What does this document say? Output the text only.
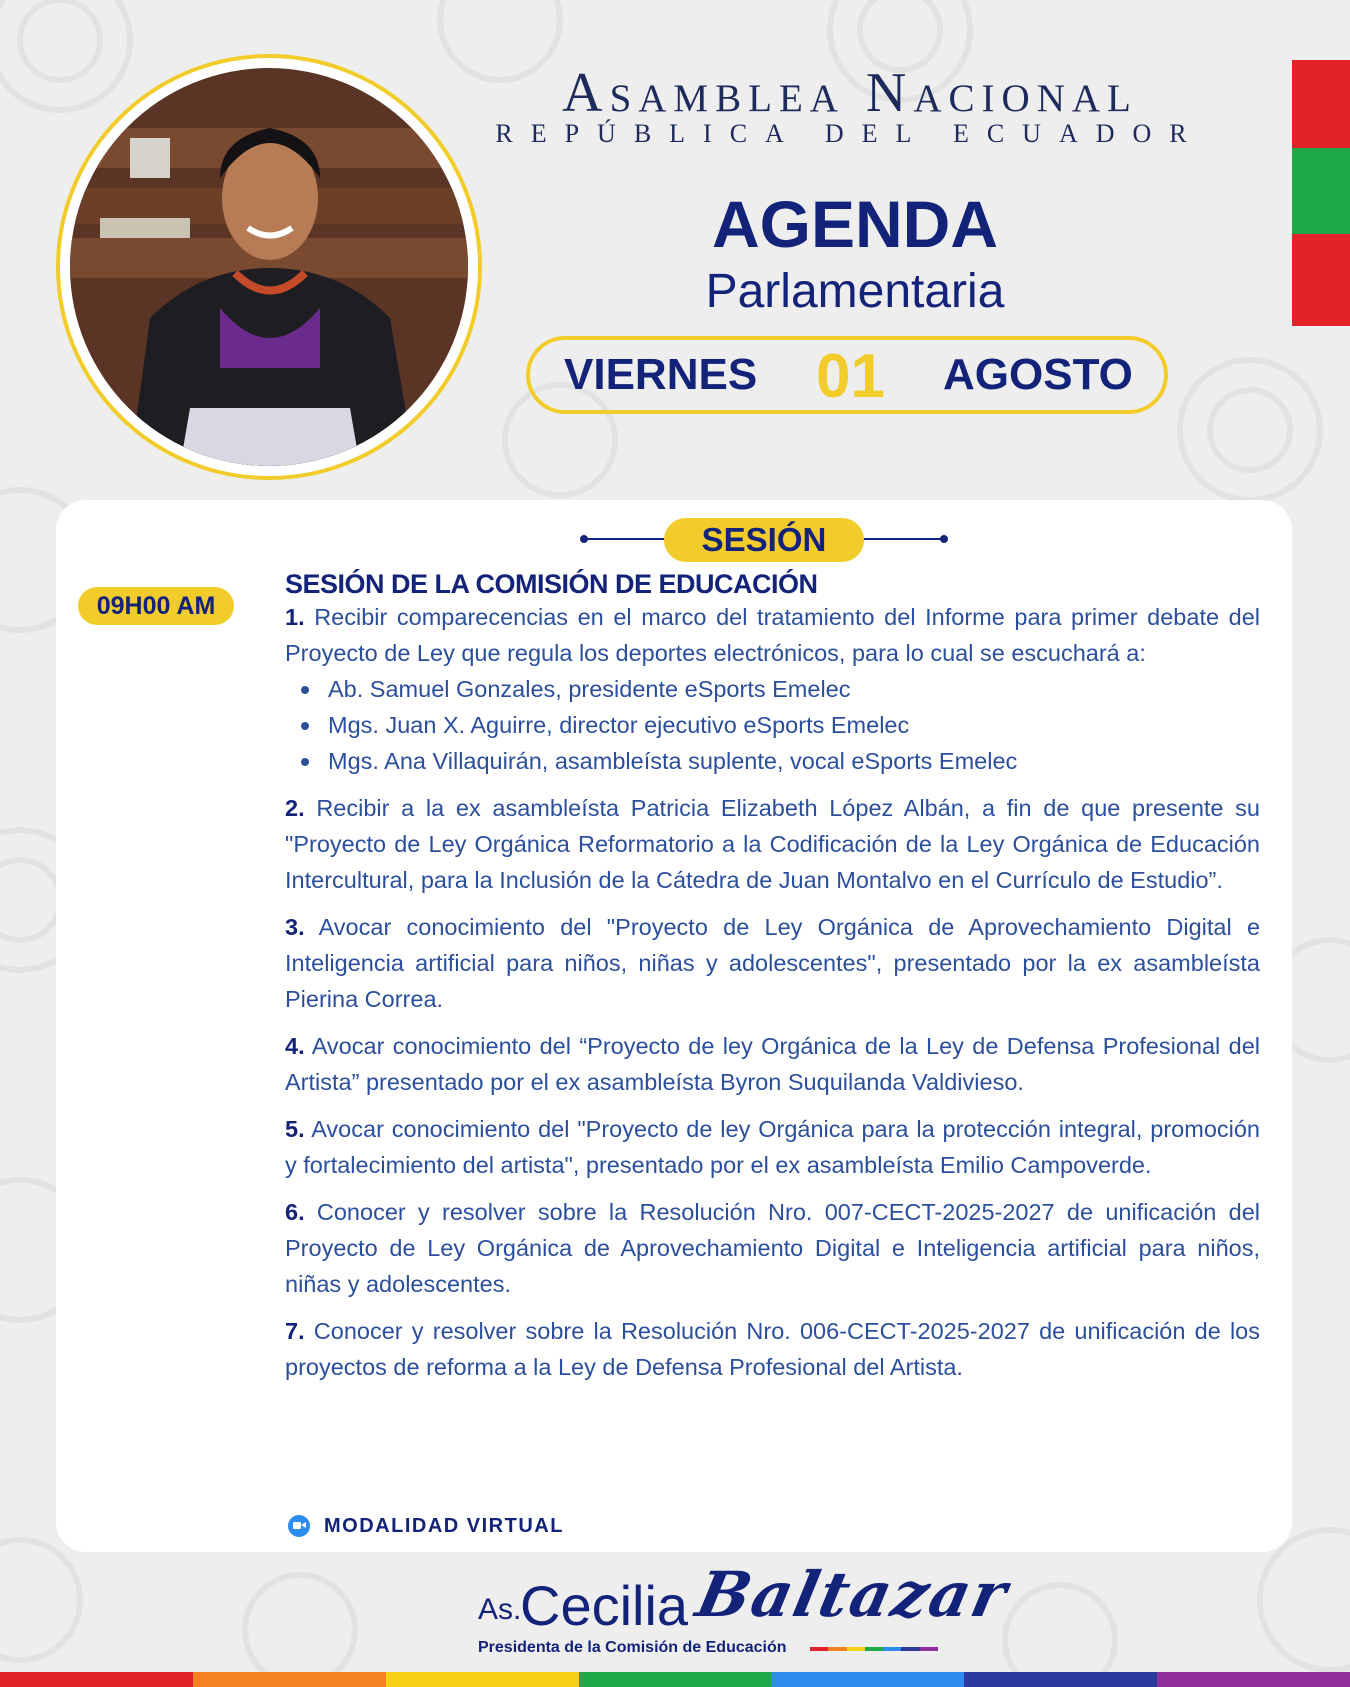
Asamblea Nacional
REPÚBLICA DEL ECUADOR
AGENDA
Parlamentaria
VIERNES 01 AGOSTO
SESIÓN
09H00 AM
SESIÓN DE LA COMISIÓN DE EDUCACIÓN
1. Recibir comparecencias en el marco del tratamiento del Informe para primer debate del Proyecto de Ley que regula los deportes electrónicos, para lo cual se escuchará a:
Ab. Samuel Gonzales, presidente eSports Emelec
Mgs. Juan X. Aguirre, director ejecutivo eSports Emelec
Mgs. Ana Villaquirán, asambleísta suplente, vocal eSports Emelec
2. Recibir a la ex asambleísta Patricia Elizabeth López Albán, a fin de que presente su "Proyecto de Ley Orgánica Reformatorio a la Codificación de la Ley Orgánica de Educación Intercultural, para la Inclusión de la Cátedra de Juan Montalvo en el Currículo de Estudio”.
3. Avocar conocimiento del "Proyecto de Ley Orgánica de Aprovechamiento Digital e Inteligencia artificial para niños, niñas y adolescentes", presentado por la ex asambleísta Pierina Correa.
4. Avocar conocimiento del “Proyecto de ley Orgánica de la Ley de Defensa Profesional del Artista” presentado por el ex asambleísta Byron Suquilanda Valdivieso.
5. Avocar conocimiento del "Proyecto de ley Orgánica para la protección integral, promoción y fortalecimiento del artista", presentado por el ex asambleísta Emilio Campoverde.
6. Conocer y resolver sobre la Resolución Nro. 007-CECT-2025-2027 de unificación del Proyecto de Ley Orgánica de Aprovechamiento Digital e Inteligencia artificial para niños, niñas y adolescentes.
7. Conocer y resolver sobre la Resolución Nro. 006-CECT-2025-2027 de unificación de los proyectos de reforma a la Ley de Defensa Profesional del Artista.
MODALIDAD VIRTUAL
As.
Cecilia Baltazar
Presidenta de la Comisión de Educación
